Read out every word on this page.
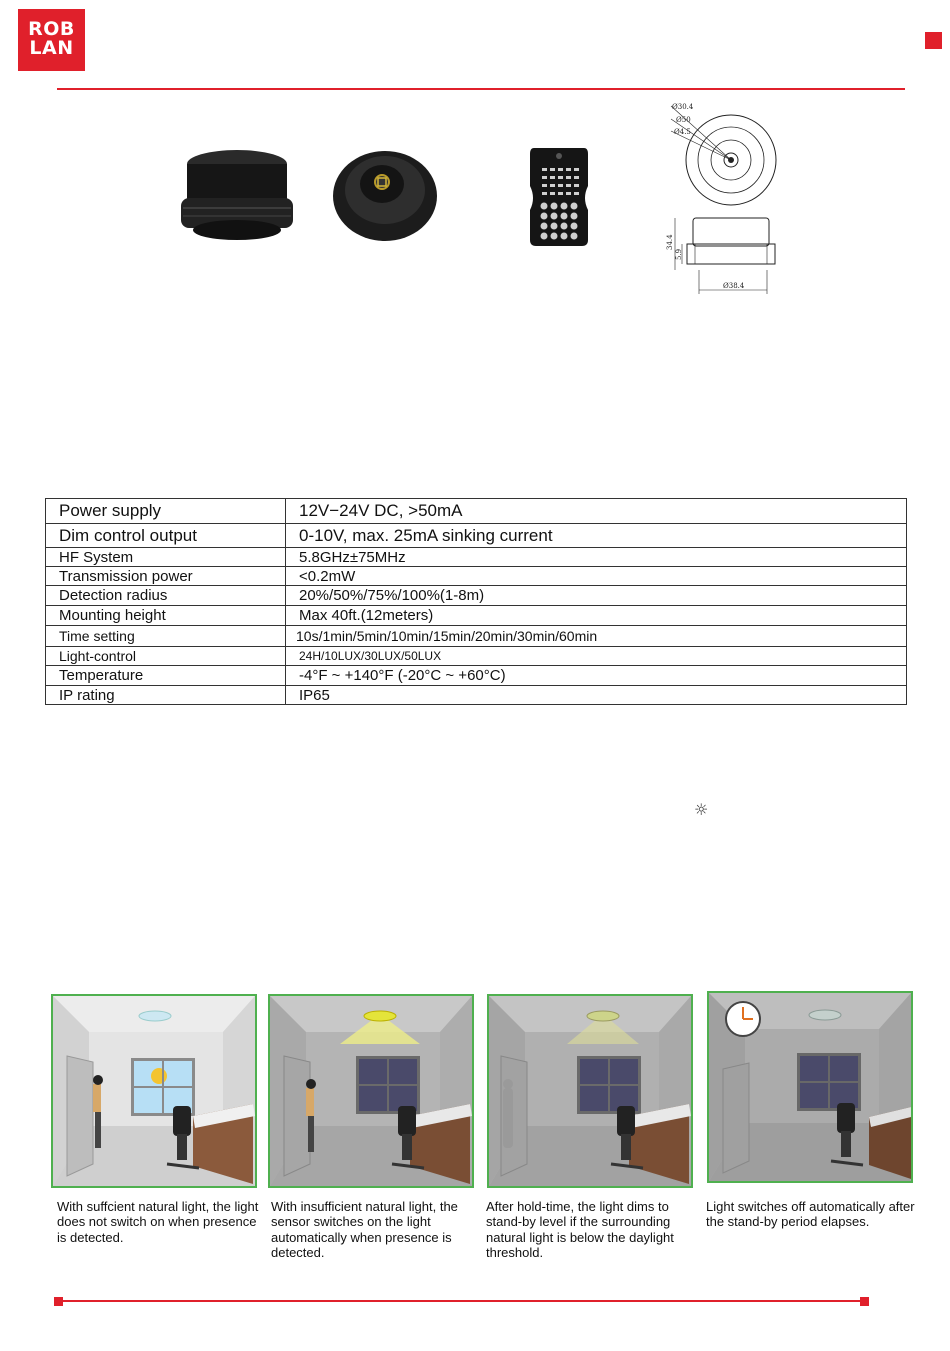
ROB
LAN
Ø30.4
Ø50
Ø4.5
34.4
5.9
Ø38.4
Power supply	12V−24V DC, >50mA
Dim control output	0-10V, max. 25mA sinking current
HF System	5.8GHz±75MHz
Transmission power	<0.2mW
Detection radius	20%/50%/75%/100%(1-8m)
Mounting height	Max 40ft.(12meters)
Time setting	10s/1min/5min/10min/15min/20min/30min/60min
Light-control	24H/10LUX/30LUX/50LUX
Temperature	-4°F ~ +140°F (-20°C ~ +60°C)
IP rating	IP65
☼
With suffcient natural light, the light does not switch on when presence is detected.
With insufficient natural light, the sensor switches on the light automatically when presence is detected.
After hold-time, the light dims to stand-by level if the surrounding natural light is below the daylight threshold.
Light switches off automatically after the stand-by period elapses.
